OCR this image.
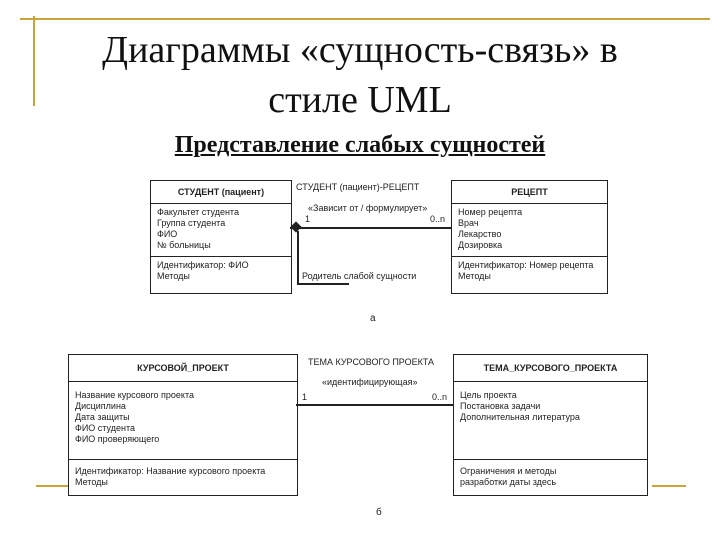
Диаграммы «сущность-связь» в
стиле UML
Представление слабых сущностей
СТУДЕНТ (пациент)
Факультет студента
Группа студента
ФИО
№ больницы
Идентификатор: ФИО
Методы
РЕЦЕПТ
Номер рецепта
Врач
Лекарство
Дозировка
Идентификатор: Номер рецепта
Методы
СТУДЕНТ (пациент)-РЕЦЕПТ
«Зависит от / формулирует»
1	0..n
Родитель слабой сущности
а
КУРСОВОЙ_ПРОЕКТ
Название курсового проекта
Дисциплина
Дата защиты
ФИО студента
ФИО проверяющего
Идентификатор: Название курсового проекта
Методы
ТЕМА_КУРСОВОГО_ПРОЕКТА
Цель проекта
Постановка задачи
Дополнительная литература
Ограничения и методы
разработки даты здесь
ТЕМА КУРСОВОГО ПРОЕКТА
«идентифицирующая»
1	0..n
б
